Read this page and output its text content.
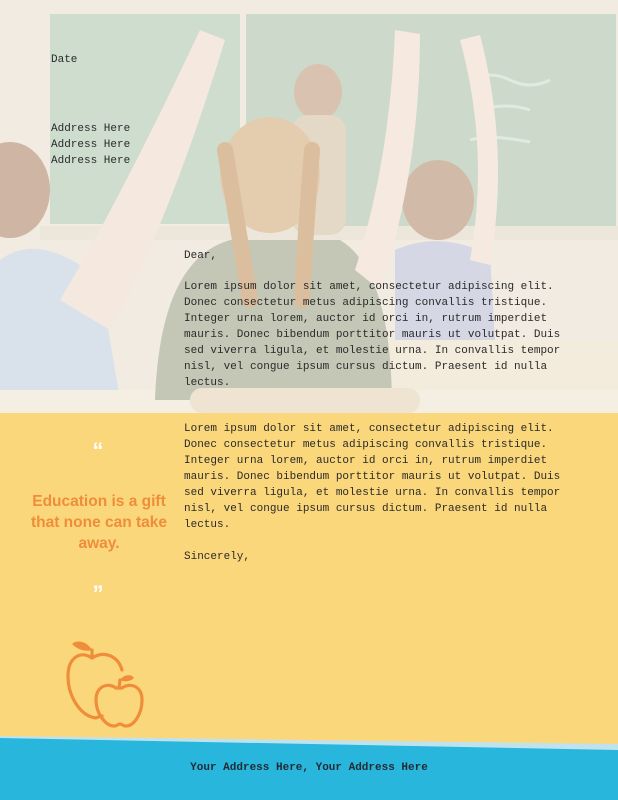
Date
Address Here
Address Here
Address Here
Dear,
Lorem ipsum dolor sit amet, consectetur adipiscing elit. Donec consectetur metus adipiscing convallis tristique. Integer urna lorem, auctor id orci in, rutrum imperdiet mauris. Donec bibendum porttitor mauris ut volutpat. Duis sed viverra ligula, et molestie urna. In convallis tempor nisl, vel congue ipsum cursus dictum. Praesent id nulla lectus.
Lorem ipsum dolor sit amet, consectetur adipiscing elit. Donec consectetur metus adipiscing convallis tristique. Integer urna lorem, auctor id orci in, rutrum imperdiet mauris. Donec bibendum porttitor mauris ut volutpat. Duis sed viverra ligula, et molestie urna. In convallis tempor nisl, vel congue ipsum cursus dictum. Praesent id nulla lectus.
Sincerely,
“
Education is a gift that none can take away.
”
Your Address Here, Your Address Here
